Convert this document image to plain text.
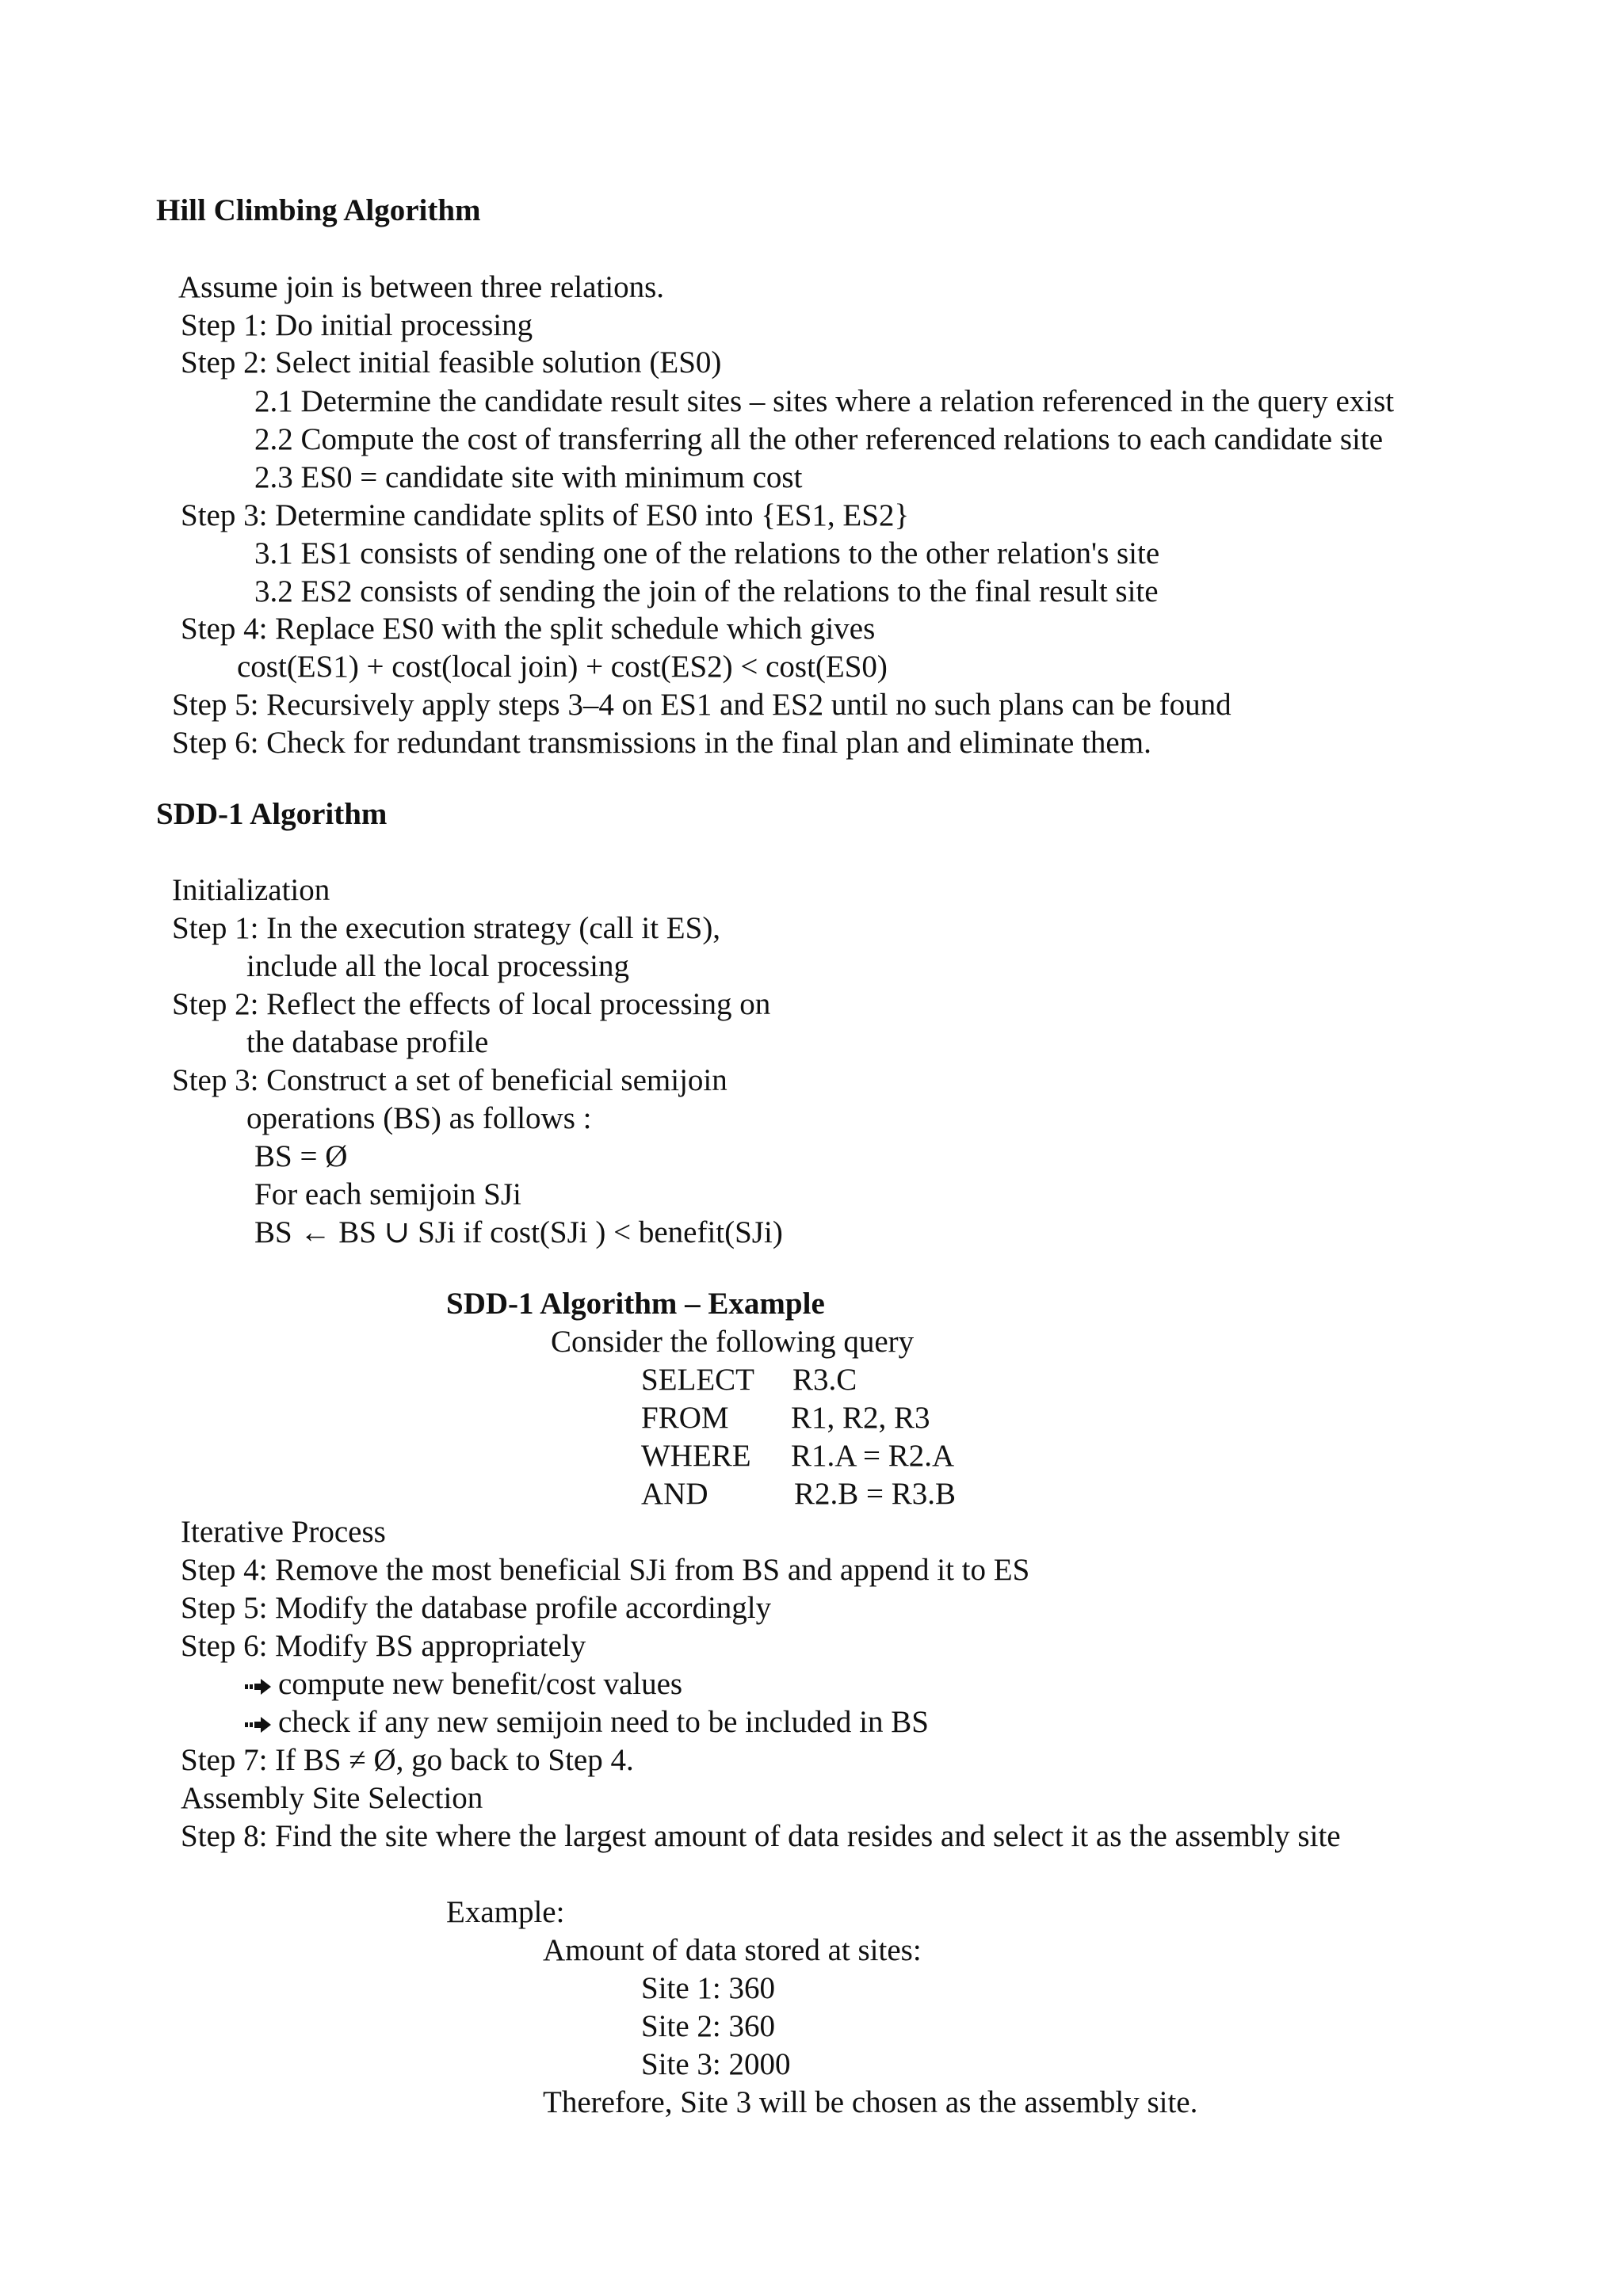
Hill Climbing Algorithm
Assume join is between three relations.
Step 1: Do initial processing
Step 2: Select initial feasible solution (ES0)
2.1 Determine the candidate result sites – sites where a relation referenced in the query exist
2.2 Compute the cost of transferring all the other referenced relations to each candidate site
2.3 ES0 = candidate site with minimum cost
Step 3: Determine candidate splits of ES0 into {ES1, ES2}
3.1 ES1 consists of sending one of the relations to the other relation's site
3.2 ES2 consists of sending the join of the relations to the final result site
Step 4: Replace ES0 with the split schedule which gives
cost(ES1) + cost(local join) + cost(ES2) < cost(ES0)
Step 5: Recursively apply steps 3–4 on ES1 and ES2 until no such plans can be found
Step 6: Check for redundant transmissions in the final plan and eliminate them.
SDD-1 Algorithm
Initialization
Step 1: In the execution strategy (call it ES),
include all the local processing
Step 2: Reflect the effects of local processing on
the database profile
Step 3: Construct a set of beneficial semijoin
operations (BS) as follows :
BS = Ø
For each semijoin SJi
BS ← BS ∪ SJi if cost(SJi ) < benefit(SJi)
SDD-1 Algorithm – Example
Consider the following query
SELECT R3.C
FROM R1, R2, R3
WHERE R1.A = R2.A
AND	R2.B = R3.B
Iterative Process
Step 4: Remove the most beneficial SJi from BS and append it to ES
Step 5: Modify the database profile accordingly
Step 6: Modify BS appropriately
compute new benefit/cost values
check if any new semijoin need to be included in BS
Step 7: If BS ≠ Ø, go back to Step 4.
Assembly Site Selection
Step 8: Find the site where the largest amount of data resides and select it as the assembly site
Example:
Amount of data stored at sites:
Site 1: 360
Site 2: 360
Site 3: 2000
Therefore, Site 3 will be chosen as the assembly site.
